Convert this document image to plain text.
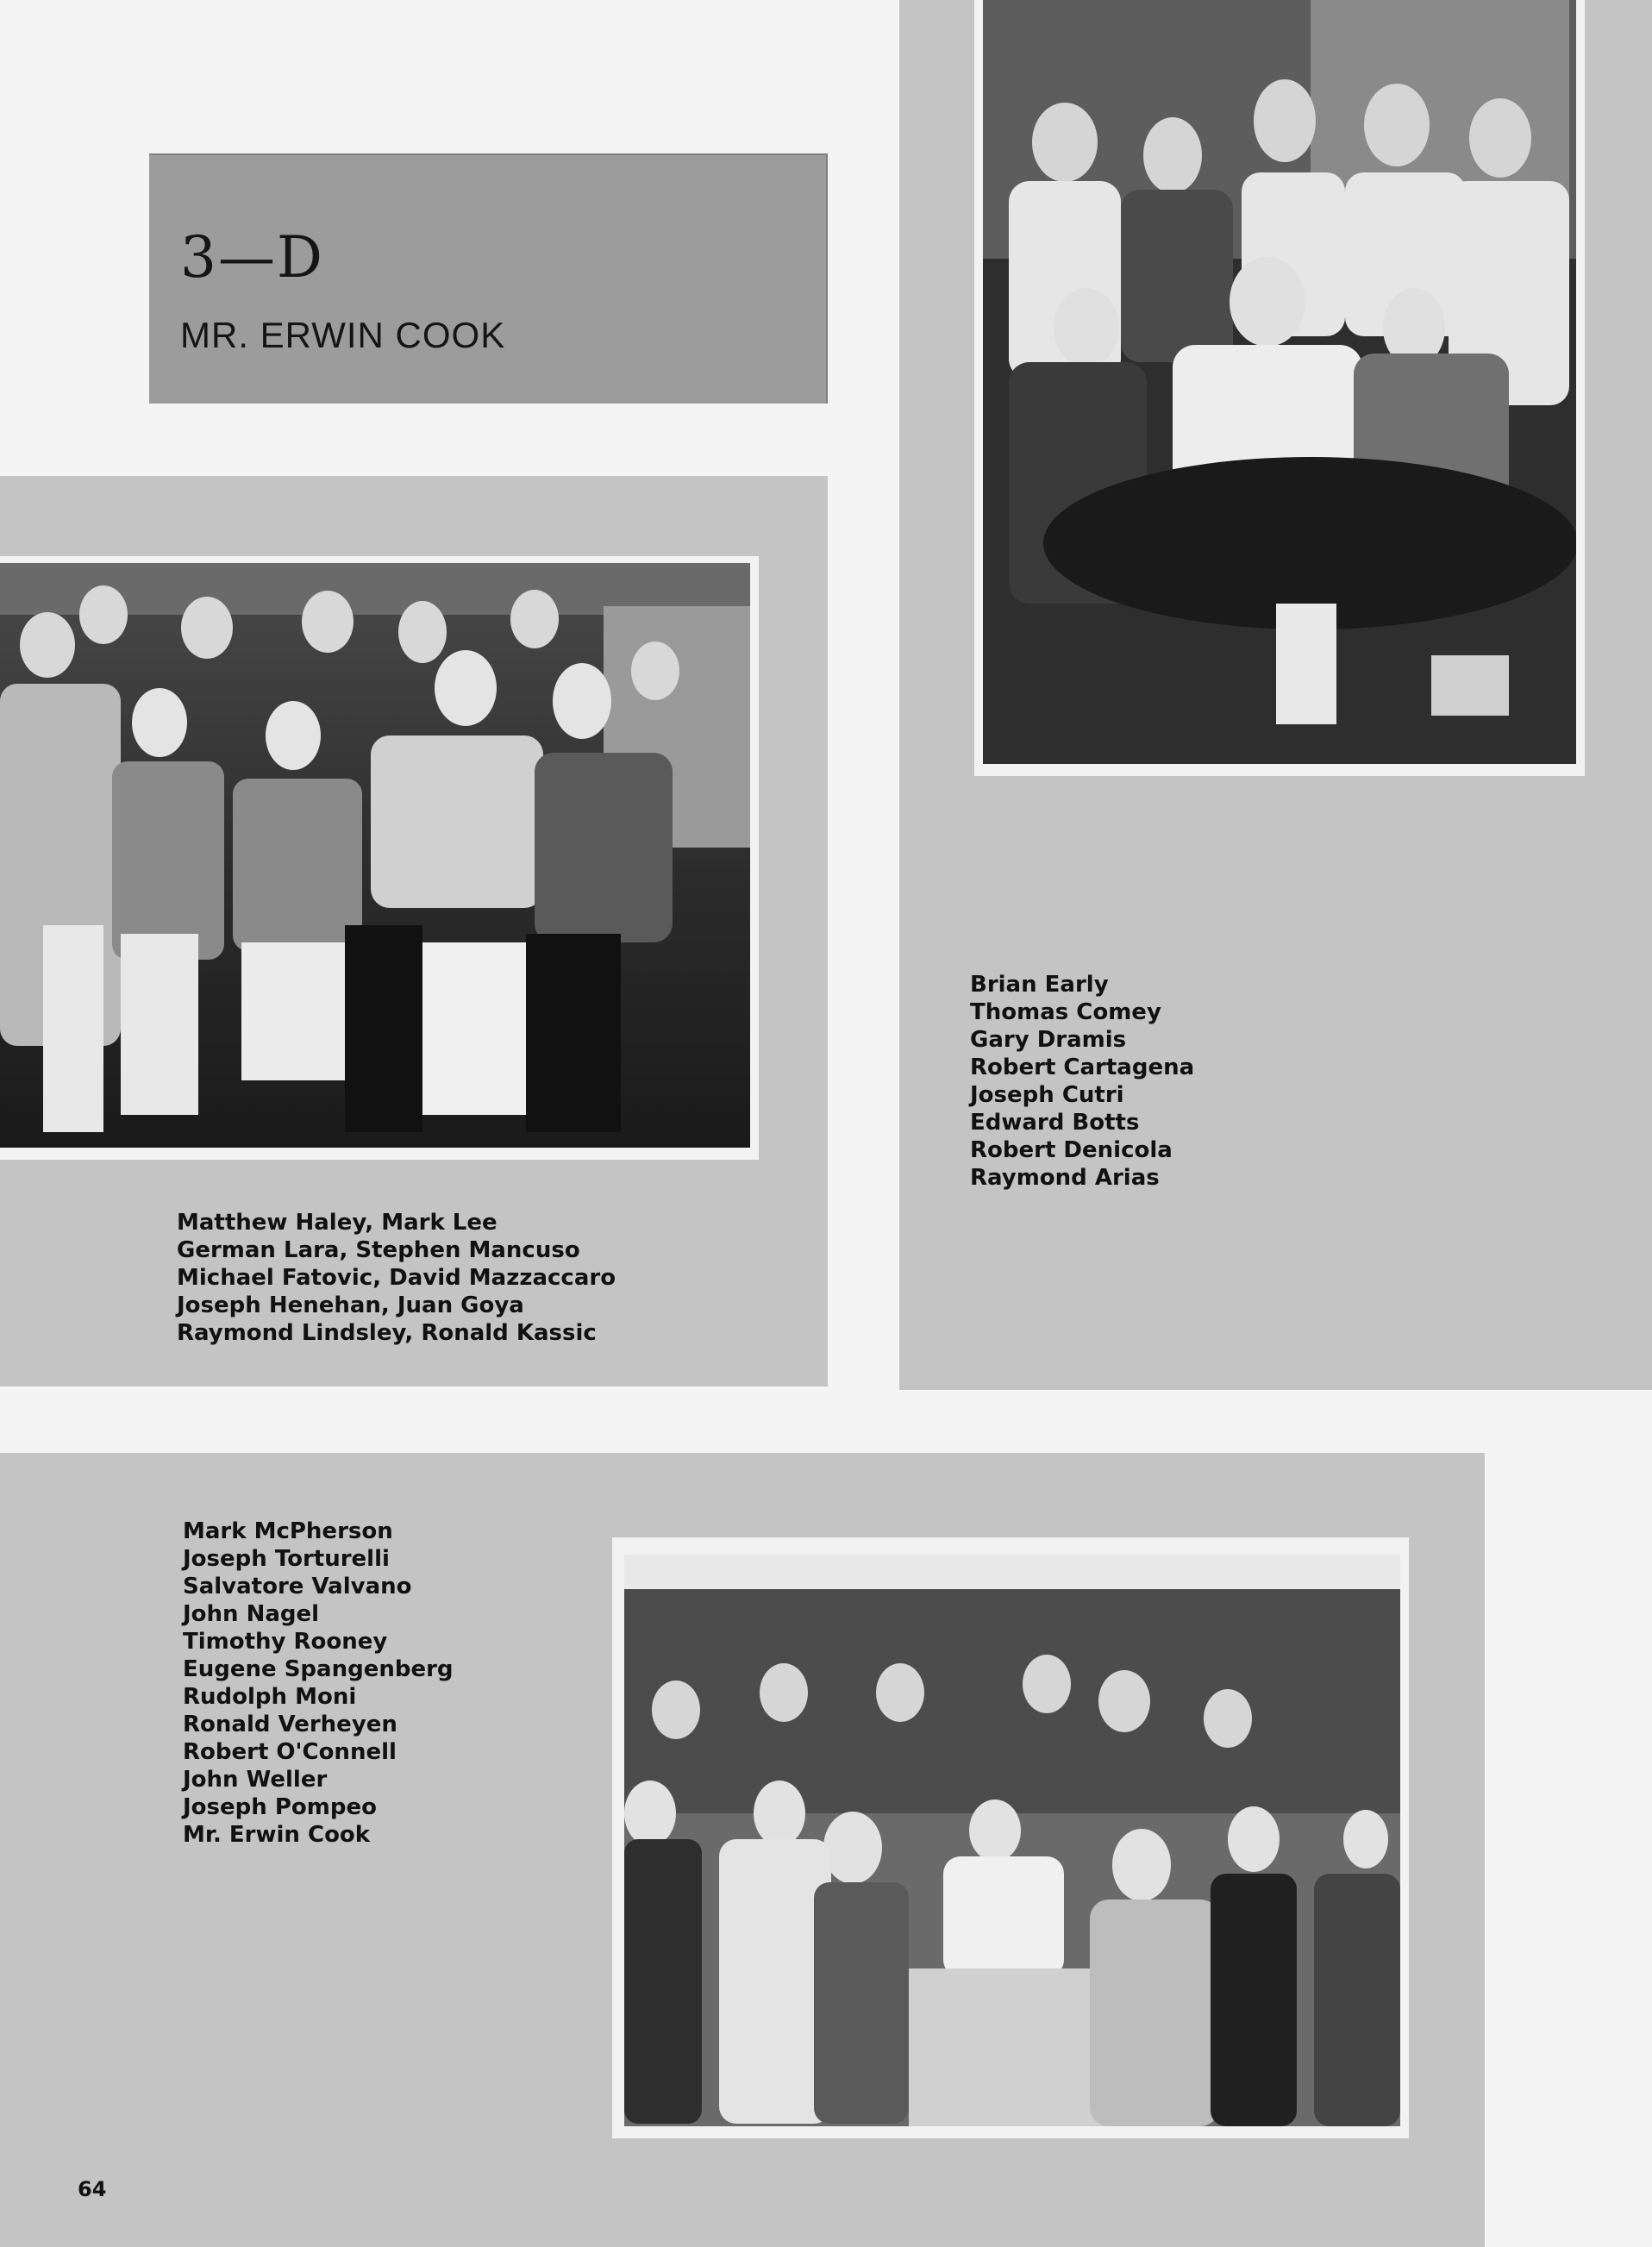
3—D
MR. ERWIN COOK
Matthew Haley, Mark Lee
German Lara, Stephen Mancuso
Michael Fatovic, David Mazzaccaro
Joseph Henehan, Juan Goya
Raymond Lindsley, Ronald Kassic
Brian Early
Thomas Comey
Gary Dramis
Robert Cartagena
Joseph Cutri
Edward Botts
Robert Denicola
Raymond Arias
Mark McPherson
Joseph Torturelli
Salvatore Valvano
John Nagel
Timothy Rooney
Eugene Spangenberg
Rudolph Moni
Ronald Verheyen
Robert O'Connell
John Weller
Joseph Pompeo
Mr. Erwin Cook
64
